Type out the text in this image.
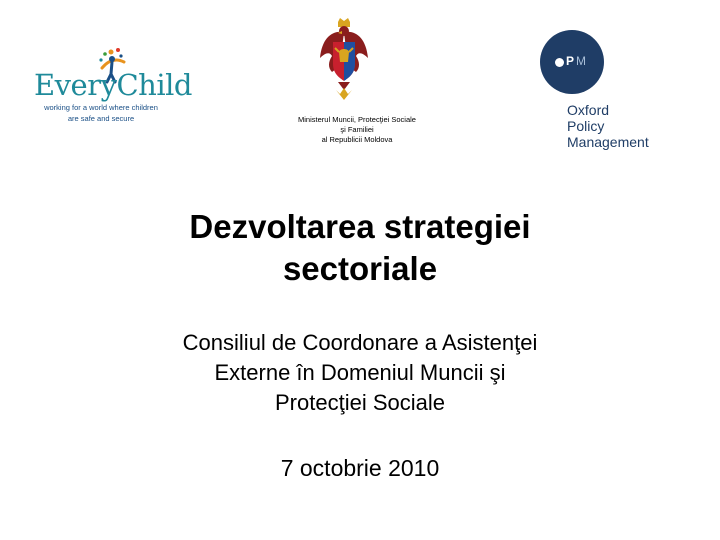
EveryChild
working for a world where children
are safe and secure	Ministerul Muncii, Protecţiei Sociale
şi Familiei
al Republicii Moldova
P M
Oxford
Policy
Management
Dezvoltarea strategiei
sectoriale
Consiliul de Coordonare a Asistenţei
Externe în Domeniul Muncii şi
Protecţiei Sociale
7 octobrie 2010
